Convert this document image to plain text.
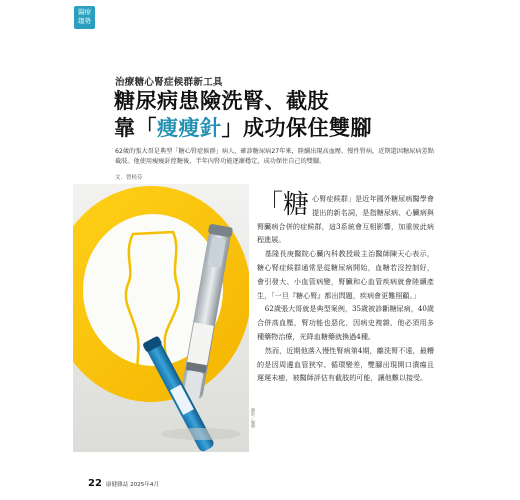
醫療
趨勢
治療糖心腎症候群新工具
糖尿病患險洗腎、截肢
靠「瘦瘦針」成功保住雙腳
62歲的張大哥是典型「糖心腎症候群」病人，確診糖尿病27年來，陸續出現高血壓、慢性腎病，近期還因糖尿病差點截肢。他使用瘦瘦針控糖後，半年內腎功能逐漸穩定，成功保住自己的雙腳。
文．曾桂芬
攝影／編輯

「糖心腎症候群」是近年國外糖尿病醫學會提出的新名詞，是指糖尿病、心臟病與腎臟病合併的症候群，這3系統會互相影響，加重彼此病程進展。

基隆長庚醫院心臟內科教授級主治醫師陳天心表示，糖心腎症候群通常是從糖尿病開始，血糖若沒控制好，會引發大、小血管病變，腎臟和心血管疾病就會陸續產生，「一旦『糖心腎』都出問題，疾病會更難照顧。」

62歲張大哥就是典型案例，35歲被診斷糖尿病，40歲合併高血壓，腎功能也惡化，因病史複雜，他必須用多種藥物治療，光降血糖藥就換過4種。

然而，近期他落入慢性腎病第4期，離洗腎不遠，最糟的是因周邊血管狹窄、循環變差，雙腳出現開口潰瘍且遲遲未癒，被醫師評估有截肢的可能，讓他難以接受。

22 康健雜誌 2025年4月
